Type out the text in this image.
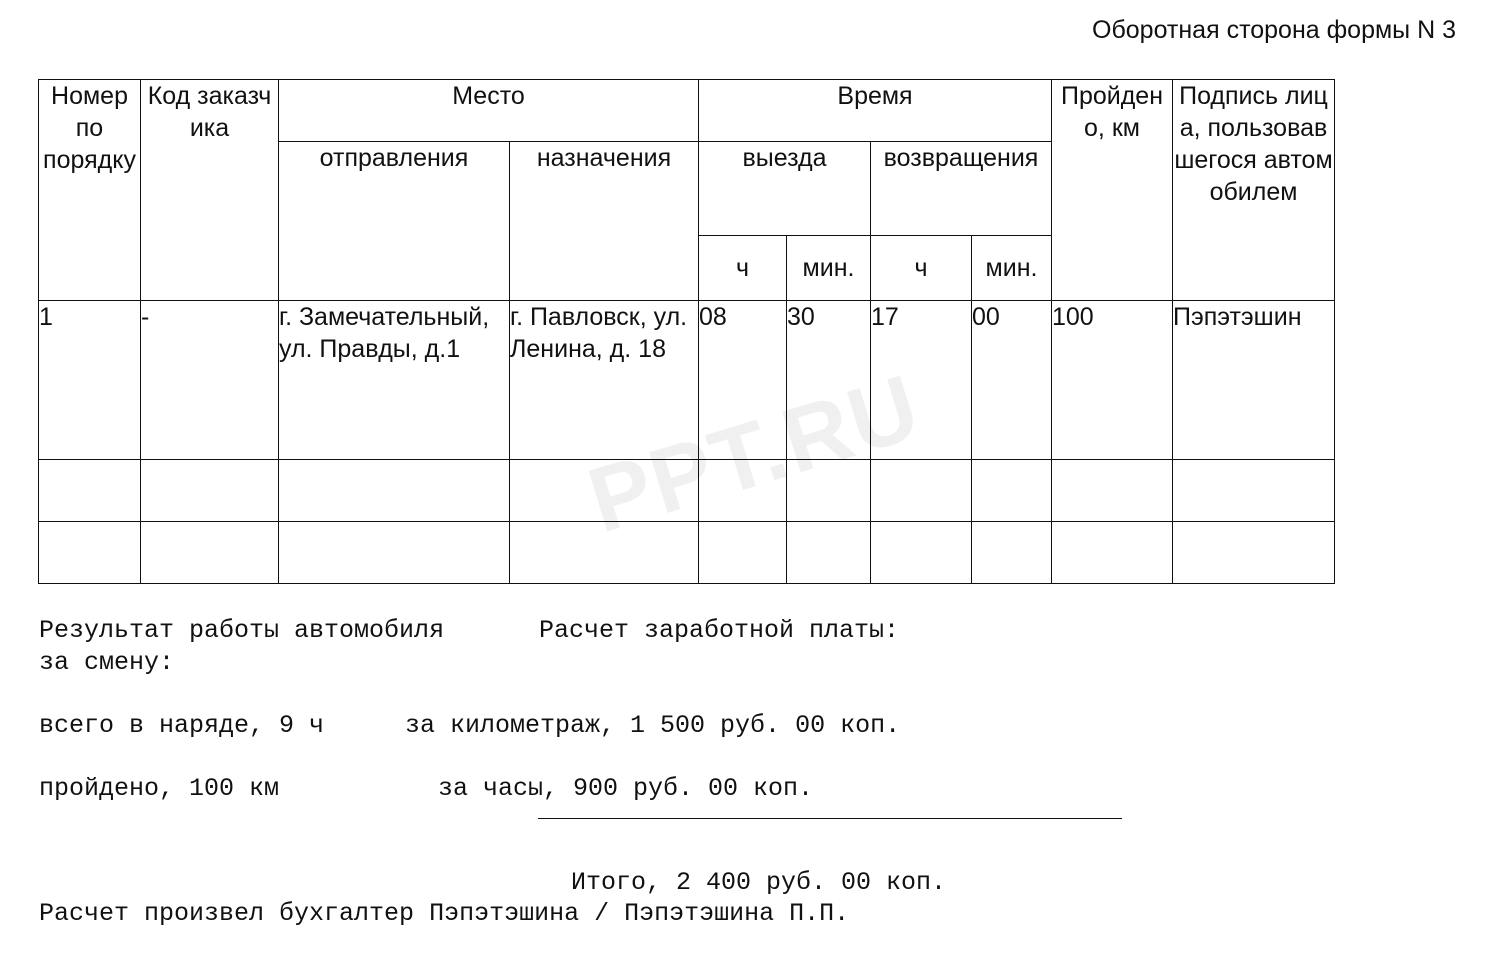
Оборотная сторона формы N 3
Номер по порядку	Код заказчика	Место		Время				Пройдено, км	Подпись лица, пользовавшегося автомобилем
		отправления	назначения	выезда		возвращения			
				ч	мин.	ч	мин.		
1	-	г. Замечательный, ул. Правды, д.1	г. Павловск, ул. Ленина, д. 18	08	30	17	00	100	Пэпэтэшин

PPT.RU
Результат работы автомобиля	Расчет заработной платы:
за смену:
всего в наряде, 9 ч	за километраж, 1 500 руб. 00 коп.
пройдено, 100 км	за часы, 900 руб. 00 коп.
Итого, 2 400 руб. 00 коп.
Расчет произвел бухгалтер Пэпэтэшина / Пэпэтэшина П.П.
